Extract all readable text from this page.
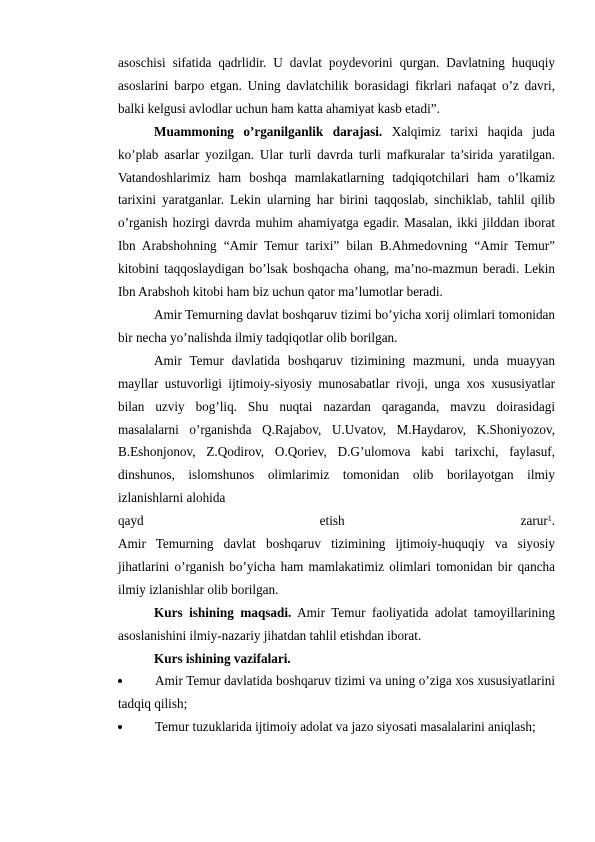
asoschisi sifatida qadrlidir. U davlat poydevorini qurgan. Davlatning huquqiy asoslarini barpo etgan. Uning davlatchilik borasidagi fikrlari nafaqat o’z davri, balki kelgusi avlodlar uchun ham katta ahamiyat kasb etadi”.

Muammoning o’rganilganlik darajasi. Xalqimiz tarixi haqida juda ko’plab asarlar yozilgan. Ular turli davrda turli mafkuralar ta’sirida yaratilgan. Vatandoshlarimiz ham boshqa mamlakatlarning tadqiqotchilari ham o’lkamiz tarixini yaratganlar. Lekin ularning har birini taqqoslab, sinchiklab, tahlil qilib o’rganish hozirgi davrda muhim ahamiyatga egadir. Masalan, ikki jilddan iborat Ibn Arabshohning “Amir Temur tarixi” bilan B.Ahmedovning “Amir Temur” kitobini taqqoslaydigan bo’lsak boshqacha ohang, ma’no-mazmun beradi. Lekin Ibn Arabshoh kitobi ham biz uchun qator ma’lumotlar beradi.

Amir Temurning davlat boshqaruv tizimi bo’yicha xorij olimlari tomonidan bir necha yo’nalishda ilmiy tadqiqotlar olib borilgan.

Amir Temur davlatida boshqaruv tizimining mazmuni, unda muayyan mayllar ustuvorligi ijtimoiy-siyosiy munosabatlar rivoji, unga xos xususiyatlar bilan uzviy bog’liq. Shu nuqtai nazardan qaraganda, mavzu doirasidagi masalalarni o’rganishda Q.Rajabov, U.Uvatov, M.Haydarov, K.Shoniyozov, B.Eshonjonov, Z.Qodirov, O.Qoriev, D.G’ulomova kabi tarixchi, faylasuf, dinshunos, islomshunos olimlarimiz tomonidan olib borilayotgan ilmiy izlanishlarni alohida

qayd	etish	zarur$^1$.

Amir Temurning davlat boshqaruv tizimining ijtimoiy-huquqiy va siyosiy jihatlarini o’rganish bo’yicha ham mamlakatimiz olimlari tomonidan bir qancha ilmiy izlanishlar olib borilgan.

Kurs ishining maqsadi. Amir Temur faoliyatida adolat tamoyillarining asoslanishini ilmiy-nazariy jihatdan tahlil etishdan iborat.

Kurs ishining vazifalari.

Amir Temur davlatida boshqaruv tizimi va uning o’ziga xos xususiyatlarini tadqiq qilish;
Temur tuzuklarida ijtimoiy adolat va jazo siyosati masalalarini aniqlash;
